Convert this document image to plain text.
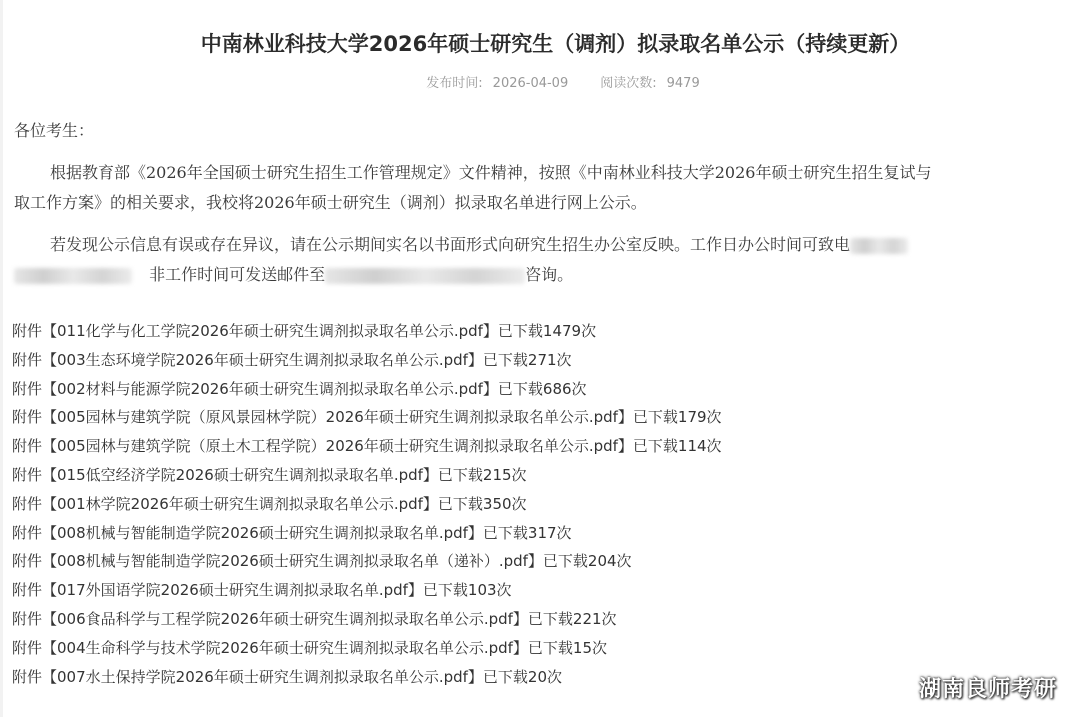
中南林业科技大学2026年硕士研究生（调剂）拟录取名单公示（持续更新）
发布时间: 2026-04-09 阅读次数: 9479
各位考生：
根据教育部《2026年全国硕士研究生招生工作管理规定》文件精神，按照《中南林业科技大学2026年硕士研究生招生复试与
取工作方案》的相关要求，我校将2026年硕士研究生（调剂）拟录取名单进行网上公示。
若发现公示信息有误或存在异议，请在公示期间实名以书面形式向研究生招生办公室反映。工作日办公时间可致电
非工作时间可发送邮件至	咨询。
附件【011化学与化工学院2026年硕士研究生调剂拟录取名单公示.pdf】已下载1479次
附件【003生态环境学院2026年硕士研究生调剂拟录取名单公示.pdf】已下载271次
附件【002材料与能源学院2026年硕士研究生调剂拟录取名单公示.pdf】已下载686次
附件【005园林与建筑学院（原风景园林学院）2026年硕士研究生调剂拟录取名单公示.pdf】已下载179次
附件【005园林与建筑学院（原土木工程学院）2026年硕士研究生调剂拟录取名单公示.pdf】已下载114次
附件【015低空经济学院2026硕士研究生调剂拟录取名单.pdf】已下载215次
附件【001林学院2026年硕士研究生调剂拟录取名单公示.pdf】已下载350次
附件【008机械与智能制造学院2026硕士研究生调剂拟录取名单.pdf】已下载317次
附件【008机械与智能制造学院2026硕士研究生调剂拟录取名单（递补）.pdf】已下载204次
附件【017外国语学院2026硕士研究生调剂拟录取名单.pdf】已下载103次
附件【006食品科学与工程学院2026年硕士研究生调剂拟录取名单公示.pdf】已下载221次
附件【004生命科学与技术学院2026年硕士研究生调剂拟录取名单公示.pdf】已下载15次
附件【007水土保持学院2026年硕士研究生调剂拟录取名单公示.pdf】已下载20次
湖南良师考研
